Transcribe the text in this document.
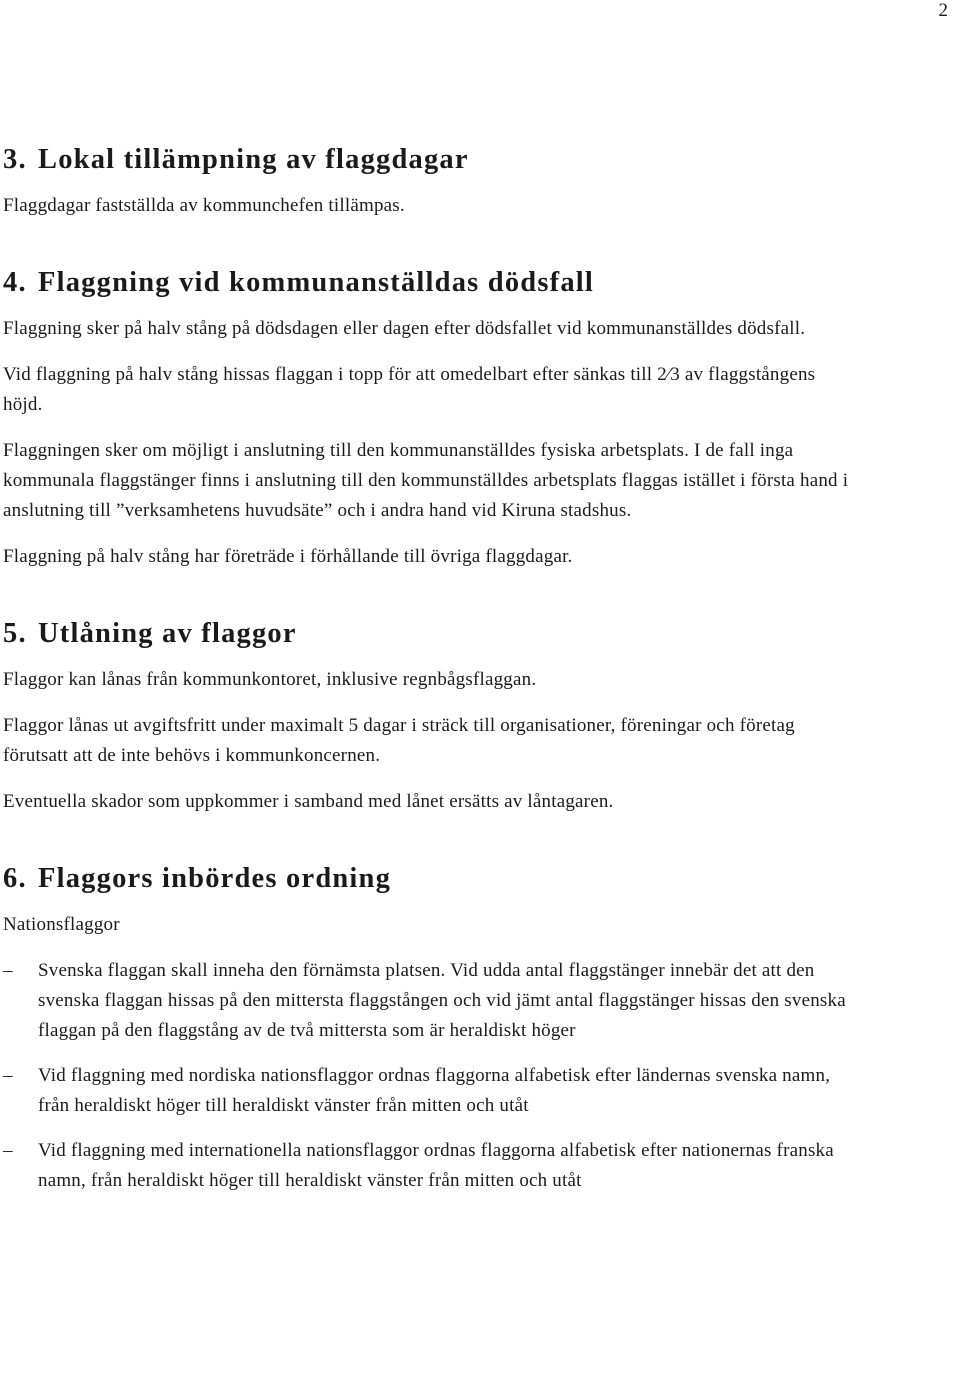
2
3. Lokal tillämpning av flaggdagar

Flaggdagar fastställda av kommunchefen tillämpas.

4. Flaggning vid kommunanställdas dödsfall

Flaggning sker på halv stång på dödsdagen eller dagen efter dödsfallet vid kommunanställdes dödsfall.

Vid flaggning på halv stång hissas flaggan i topp för att omedelbart efter sänkas till 2⁄3 av flaggstångens höjd.

Flaggningen sker om möjligt i anslutning till den kommunanställdes fysiska arbetsplats. I de fall inga kommunala flaggstänger finns i anslutning till den kommunställdes arbetsplats flaggas istället i första hand i anslutning till ”verksamhetens huvudsäte” och i andra hand vid Kiruna stadshus.

Flaggning på halv stång har företräde i förhållande till övriga flaggdagar.

5. Utlåning av flaggor

Flaggor kan lånas från kommunkontoret, inklusive regnbågsflaggan.

Flaggor lånas ut avgiftsfritt under maximalt 5 dagar i sträck till organisationer, föreningar och företag förutsatt att de inte behövs i kommunkoncernen.

Eventuella skador som uppkommer i samband med lånet ersätts av låntagaren.

6. Flaggors inbördes ordning

Nationsflaggor

– Svenska flaggan skall inneha den förnämsta platsen. Vid udda antal flaggstänger innebär det att den svenska flaggan hissas på den mittersta flaggstången och vid jämt antal flaggstänger hissas den svenska flaggan på den flaggstång av de två mittersta som är heraldiskt höger
– Vid flaggning med nordiska nationsflaggor ordnas flaggorna alfabetisk efter ländernas svenska namn, från heraldiskt höger till heraldiskt vänster från mitten och utåt
– Vid flaggning med internationella nationsflaggor ordnas flaggorna alfabetisk efter nationernas franska namn, från heraldiskt höger till heraldiskt vänster från mitten och utåt
